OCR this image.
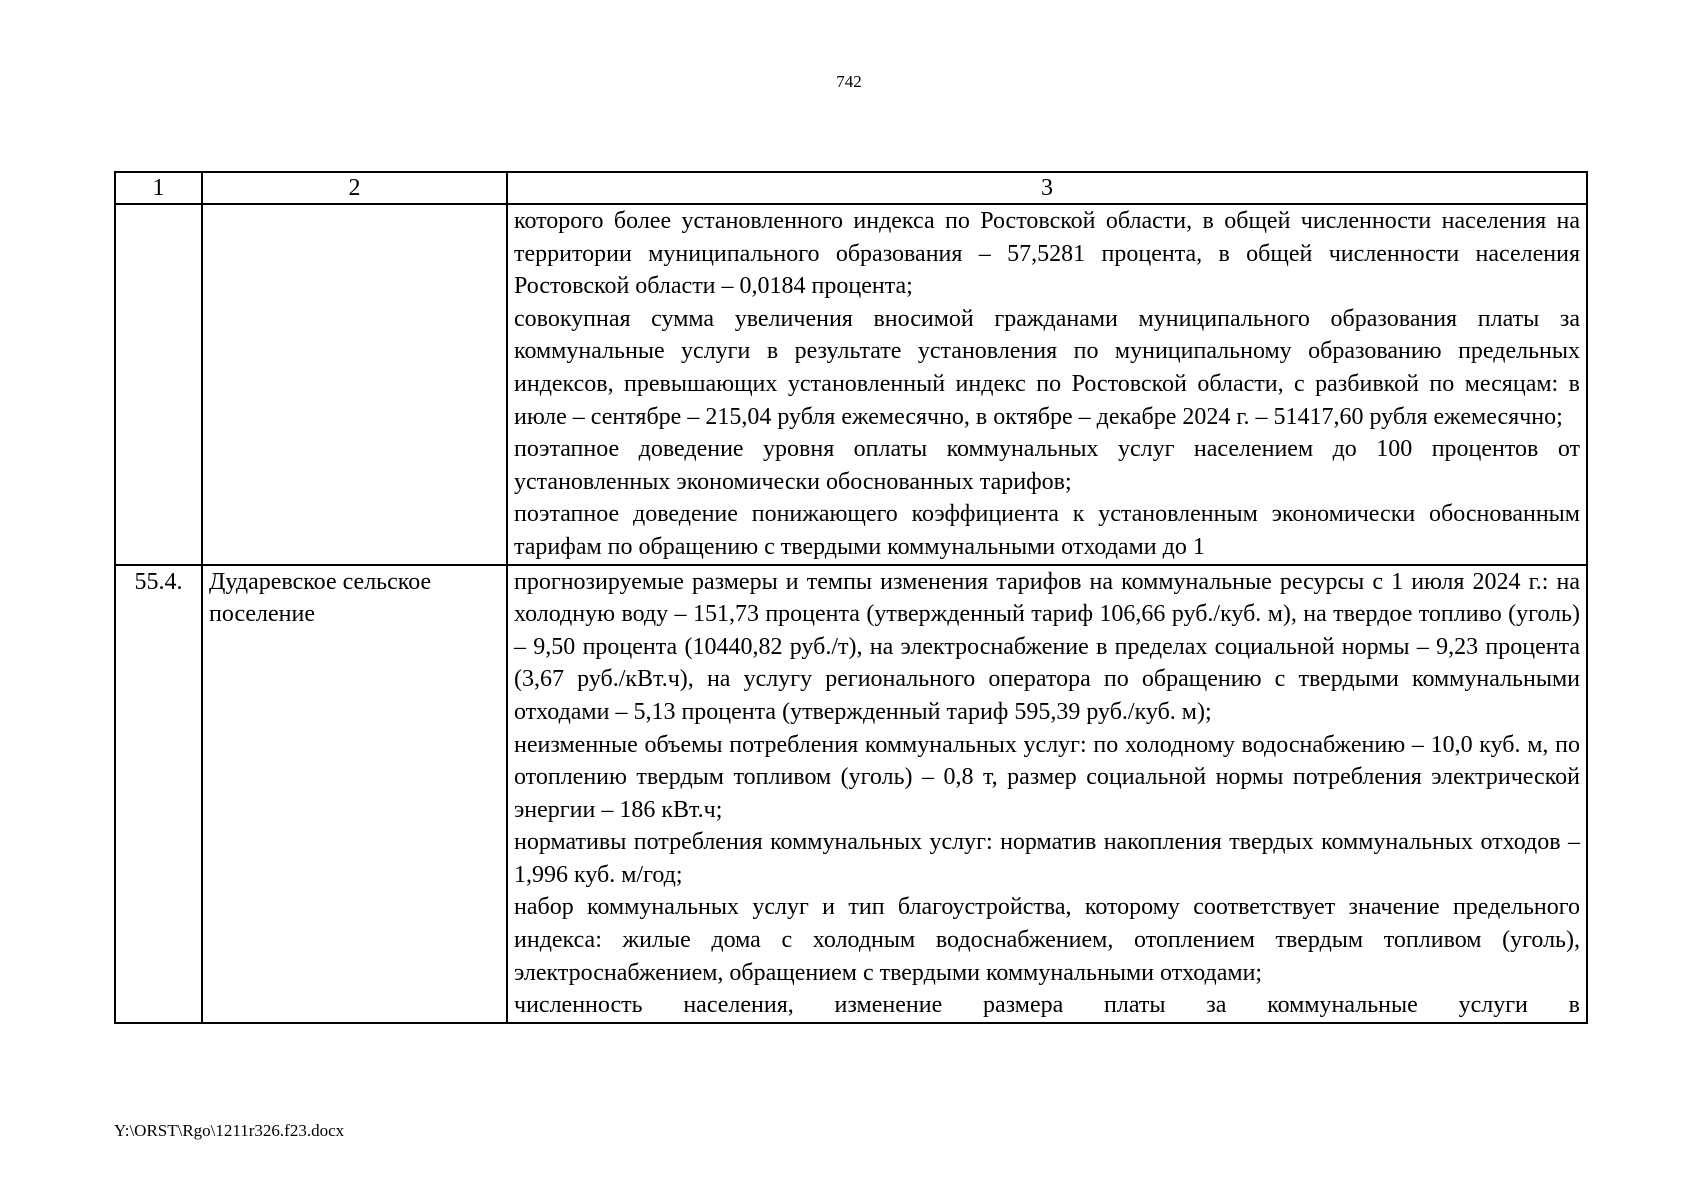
742
1	2	3

		которого более установленного индекса по Ростовской области, в общей численности населения на территории муниципального образования – 57,5281 процента, в общей численности населения Ростовской области – 0,0184 процента;
совокупная сумма увеличения вносимой гражданами муниципального образования платы за коммунальные услуги в результате установления по муниципальному образованию предельных индексов, превышающих установленный индекс по Ростовской области, с разбивкой по месяцам: в июле – сентябре – 215,04 рубля ежемесячно, в октябре – декабре 2024 г. – 51417,60 рубля ежемесячно;
поэтапное доведение уровня оплаты коммунальных услуг населением до 100 процентов от установленных экономически обоснованных тарифов;
поэтапное доведение понижающего коэффициента к установленным экономически обоснованным тарифам по обращению с твердыми коммунальными отходами до 1

55.4.	Дударевское сельское поселение	прогнозируемые размеры и темпы изменения тарифов на коммунальные ресурсы с 1 июля 2024 г.: на холодную воду – 151,73 процента (утвержденный тариф 106,66 руб./куб. м), на твердое топливо (уголь) – 9,50 процента (10440,82 руб./т), на электроснабжение в пределах социальной нормы – 9,23 процента (3,67 руб./кВт.ч), на услугу регионального оператора по обращению с твердыми коммунальными отходами – 5,13 процента (утвержденный тариф 595,39 руб./куб. м);
неизменные объемы потребления коммунальных услуг: по холодному водоснабжению – 10,0 куб. м, по отоплению твердым топливом (уголь) – 0,8 т, размер социальной нормы потребления электрической энергии – 186 кВт.ч;
нормативы потребления коммунальных услуг: норматив накопления твердых коммунальных отходов – 1,996 куб. м/год;
набор коммунальных услуг и тип благоустройства, которому соответствует значение предельного индекса: жилые дома с холодным водоснабжением, отоплением твердым топливом (уголь), электроснабжением, обращением с твердыми коммунальными отходами;
численность населения, изменение размера платы за коммунальные услуги в
Y:\ORST\Rgo\1211r326.f23.docx
